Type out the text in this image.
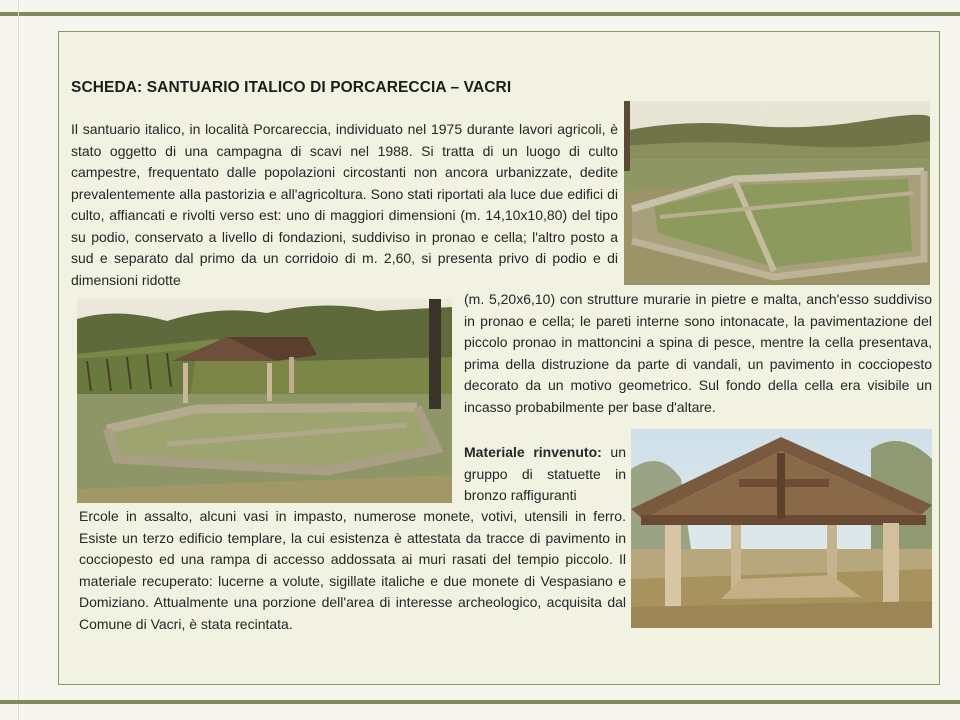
SCHEDA: SANTUARIO ITALICO DI PORCARECCIA – VACRI

Il santuario italico, in località Porcareccia, individuato nel 1975 durante lavori agricoli, è stato oggetto di una campagna di scavi nel 1988. Si tratta di un luogo di culto campestre, frequentato dalle popolazioni circostanti non ancora urbanizzate, dedite prevalentemente alla pastorizia e all'agricoltura. Sono stati riportati ala luce due edifici di culto, affiancati e rivolti verso est: uno di maggiori dimensioni (m. 14,10x10,80) del tipo su podio, conservato a livello di fondazioni, suddiviso in pronao e cella; l'altro posto a sud e separato dal primo da un corridoio di m. 2,60, si presenta privo di podio e di dimensioni ridotte

(m. 5,20x6,10) con strutture murarie in pietre e malta, anch'esso suddiviso in pronao e cella; le pareti interne sono intonacate, la pavimentazione del piccolo pronao in mattoncini a spina di pesce, mentre la cella presentava, prima della distruzione da parte di vandali, un pavimento in cocciopesto decorato da un motivo geometrico. Sul fondo della cella era visibile un incasso probabilmente per base d'altare.

Materiale rinvenuto: un gruppo di statuette in bronzo raffiguranti

Ercole in assalto, alcuni vasi in impasto, numerose monete, votivi, utensili in ferro. Esiste un terzo edificio templare, la cui esistenza è attestata da tracce di pavimento in cocciopesto ed una rampa di accesso addossata ai muri rasati del tempio piccolo. Il materiale recuperato: lucerne a volute, sigillate italiche e due monete di Vespasiano e Domiziano. Attualmente una porzione dell'area di interesse archeologico, acquisita dal Comune di Vacri, è stata recintata.
